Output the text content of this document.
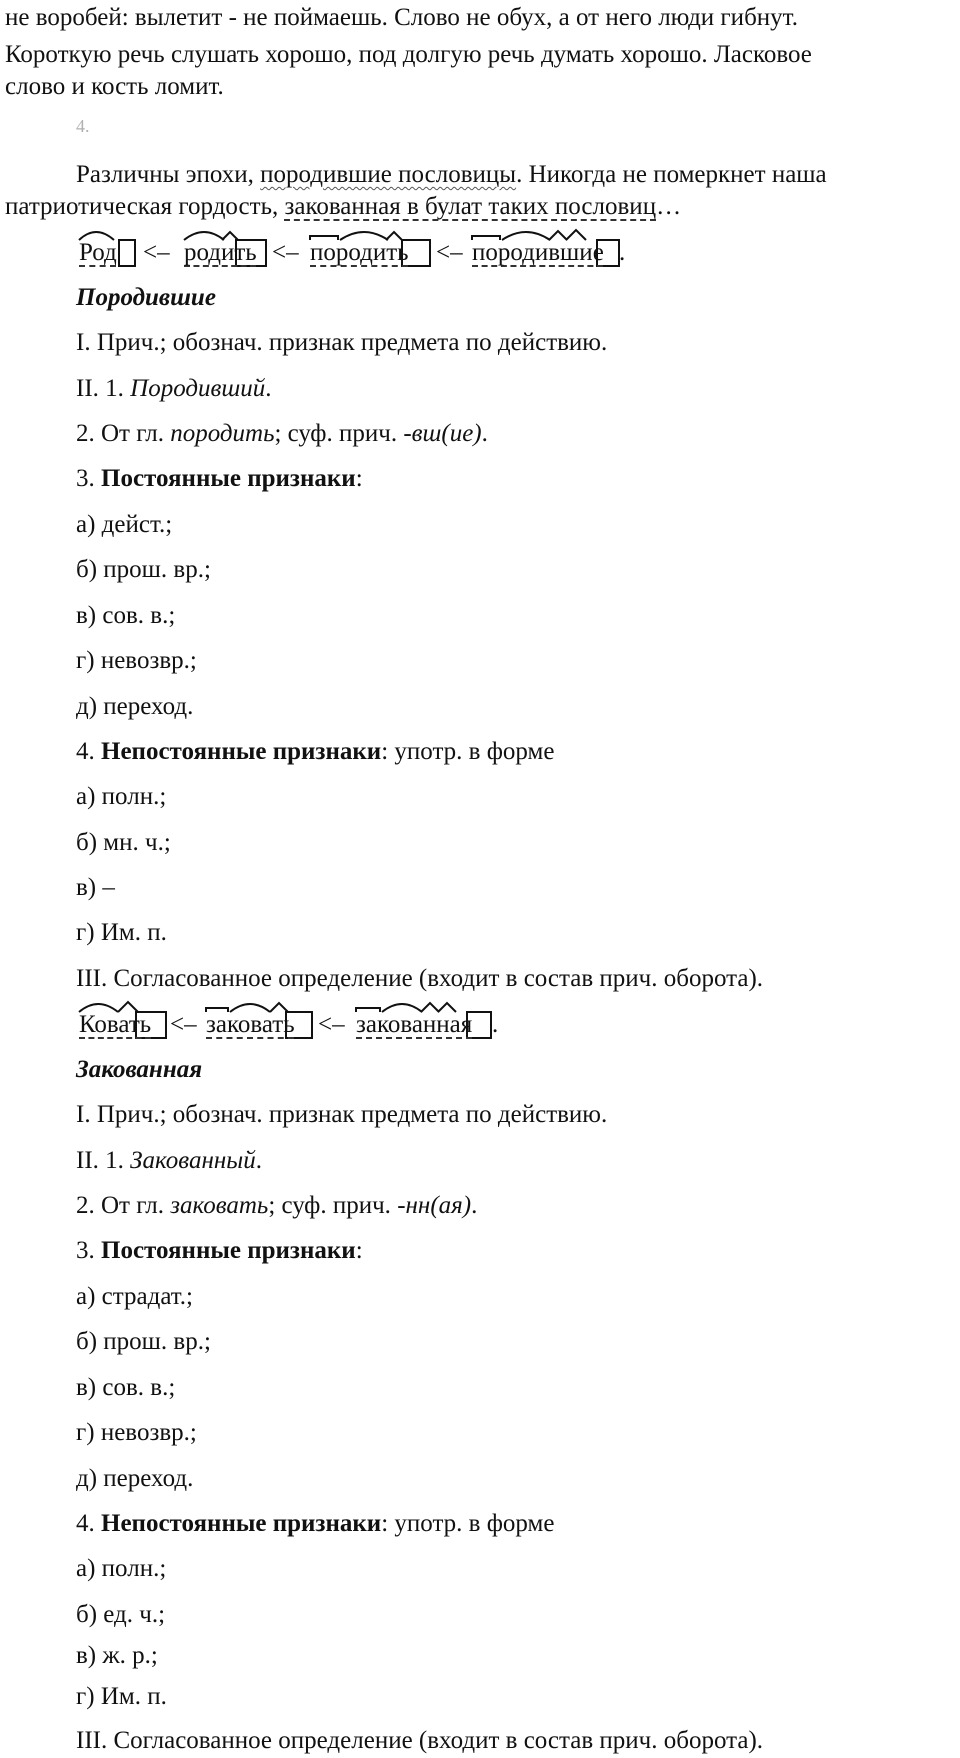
не воробей: вылетит - не поймаешь. Слово не обух, а от него люди гибнут.
Короткую речь слушать хорошо, под долгую речь думать хорошо. Ласковое
слово и кость ломит.
4.
Различны эпохи, породившие пословицы. Никогда не померкнет наша
патриотическая гордость, закованная в булат таких пословиц…
Род <– родить <– породить <– породившие .
Породившие
I. Прич.; обознач. признак предмета по действию.
II. 1. Породивший.
2. От гл. породить; суф. прич. -вш(ие).
3. Постоянные признаки:
а) дейст.;
б) прош. вр.;
в) сов. в.;
г) невозвр.;
д) переход.
4. Непостоянные признаки: употр. в форме
а) полн.;
б) мн. ч.;
в) –
г) Им. п.
III. Согласованное определение (входит в состав прич. оборота).
Ковать <– заковать <– закованная .
Закованная
I. Прич.; обознач. признак предмета по действию.
II. 1. Закованный.
2. От гл. заковать; суф. прич. -нн(ая).
3. Постоянные признаки:
а) страдат.;
б) прош. вр.;
в) сов. в.;
г) невозвр.;
д) переход.
4. Непостоянные признаки: употр. в форме
а) полн.;
б) ед. ч.;
в) ж. р.;
г) Им. п.
III. Согласованное определение (входит в состав прич. оборота).
